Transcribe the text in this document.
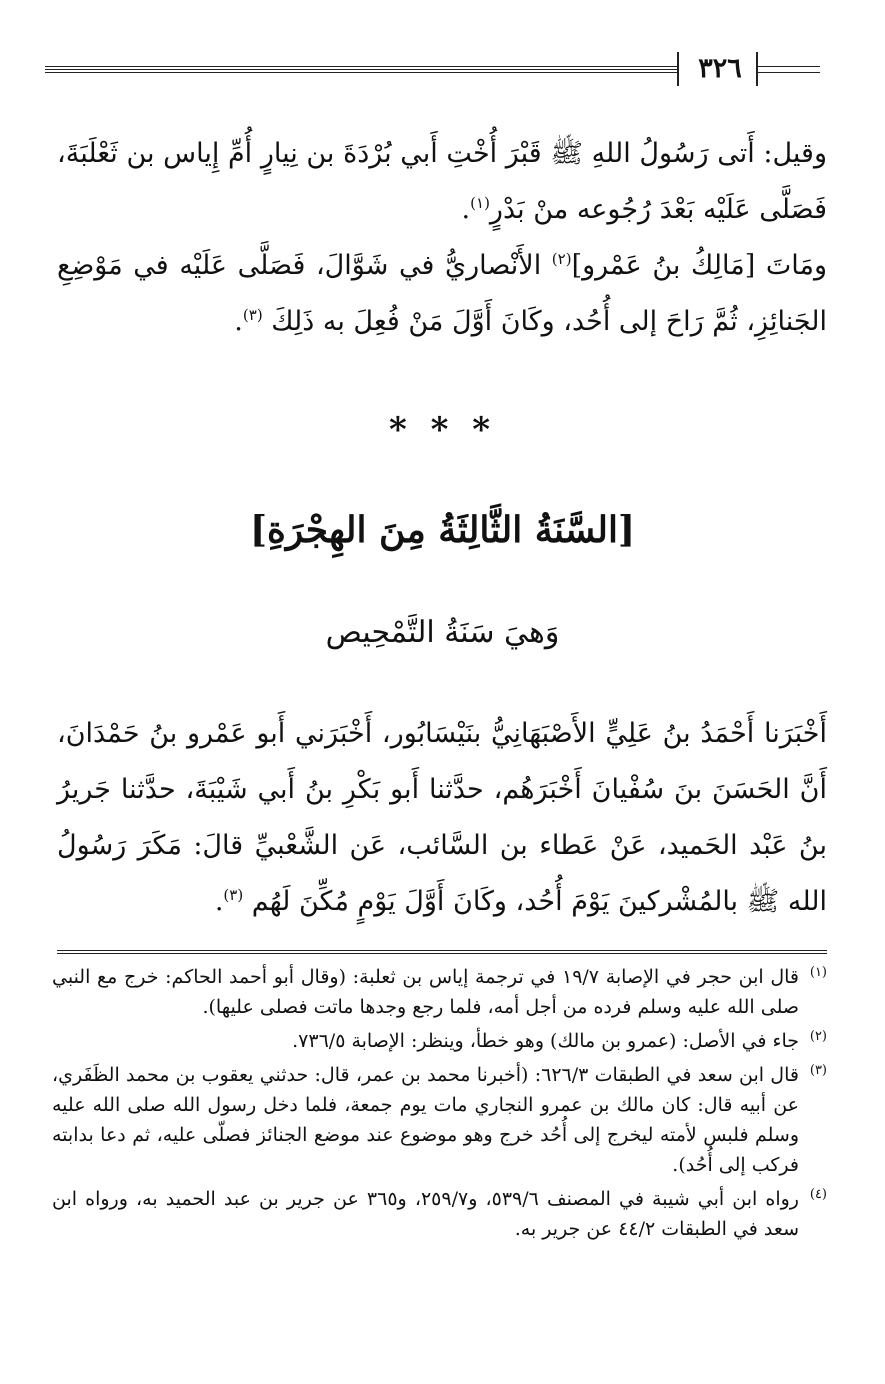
٣٢٦
وقيل: أَتى رَسُولُ اللهِ ﷺ قَبْرَ أُخْتِ أَبي بُرْدَةَ بن نِيارٍ أُمِّ إِياس بن ثَعْلَبَةَ، فَصَلَّى عَلَيْه بَعْدَ رُجُوعه منْ بَدْرٍ$^{(١)}$.
ومَاتَ [مَالِكُ بنُ عَمْرو]$^{(٢)}$ الأَنْصاريُّ في شَوَّالَ، فَصَلَّى عَلَيْه في مَوْضِعِ الجَنائِزِ، ثُمَّ رَاحَ إلى أُحُد، وكَانَ أَوَّلَ مَنْ فُعِلَ به ذَلِكَ $^{(٣)}$.
* * *
[السَّنَةُ الثَّالِثَةُ مِنَ الهِجْرَةِ]
وَهيَ سَنَةُ التَّمْحِيص
أَخْبَرَنا أَحْمَدُ بنُ عَلِيٍّ الأَصْبَهَانِيُّ بنَيْسَابُور، أَخْبَرَني أَبو عَمْرو بنُ حَمْدَانَ، أَنَّ الحَسَنَ بنَ سُفْيانَ أَخْبَرَهُم، حدَّثنا أَبو بَكْرِ بنُ أَبي شَيْبَةَ، حدَّثنا جَريرُ بنُ عَبْد الحَميد، عَنْ عَطاء بن السَّائب، عَن الشَّعْبيِّ قالَ: مَكَرَ رَسُولُ الله ﷺ بالمُشْركينَ يَوْمَ أُحُد، وكَانَ أَوَّلَ يَوْمٍ مُكِّنَ لَهُم $^{(٣)}$.
(١)
قال ابن حجر في الإصابة ١٩/٧ في ترجمة إياس بن ثعلبة: (وقال أبو أحمد الحاكم: خرج مع النبي صلى الله عليه وسلم فرده من أجل أمه، فلما رجع وجدها ماتت فصلى عليها).
(٢)
جاء في الأصل: (عمرو بن مالك) وهو خطأ، وينظر: الإصابة ٧٣٦/٥.
(٣)
قال ابن سعد في الطبقات ٦٢٦/٣: (أخبرنا محمد بن عمر، قال: حدثني يعقوب بن محمد الظَفَري، عن أبيه قال: كان مالك بن عمرو النجاري مات يوم جمعة، فلما دخل رسول الله صلى الله عليه وسلم فلبس لأمته ليخرج إلى أُحُد خرج وهو موضوع عند موضع الجنائز فصلّى عليه، ثم دعا بدابته فركب إلى أُحُد).
(٤)
رواه ابن أبي شيبة في المصنف ٥٣٩/٦، و٢٥٩/٧، و٣٦٥ عن جرير بن عبد الحميد به، ورواه ابن سعد في الطبقات ٤٤/٢ عن جرير به.
